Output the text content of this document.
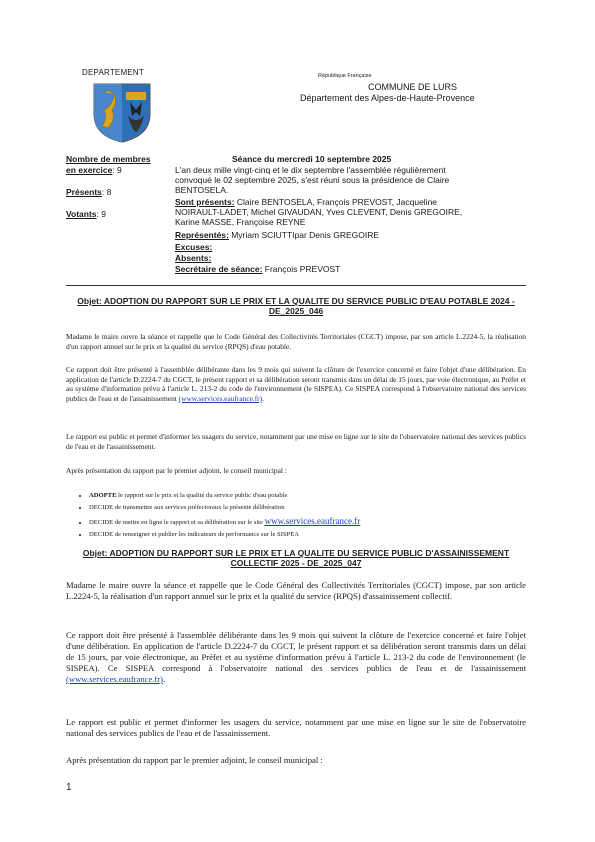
DEPARTEMENT	République Française
COMMUNE DE LURS
Département des Alpes-de-Haute-Provence
Nombre de membres
en exercice: 9
Présents: 8
Votants: 9
Séance du mercredi 10 septembre 2025
L'an deux mille vingt-cinq et le dix septembre l'assemblée régulièrement convoqué le 02 septembre 2025, s'est réuni sous la présidence de Claire BENTOSELA.
Sont présents: Claire BENTOSELA, François PREVOST, Jacqueline NOIRAULT-LADET, Michel GIVAUDAN, Yves CLEVENT, Denis GREGOIRE, Karine MASSE, Françoise REYNE
Représentés: Myriam SCIUTTIpar Denis GREGOIRE
Excuses:
Absents:
Secrétaire de séance: François PREVOST
Objet: ADOPTION DU RAPPORT SUR LE PRIX ET LA QUALITE DU SERVICE PUBLIC D'EAU POTABLE 2024 - DE_2025_046
Madame le maire ouvre la séance et rappelle que le Code Général des Collectivités Territoriales (CGCT) impose, par son article L.2224-5, la réalisation d'un rapport annuel sur le prix et la qualité du service (RPQS) d'eau potable.
Ce rapport doit être présenté à l'assemblée délibérante dans les 9 mois qui suivent la clôture de l'exercice concerné et faire l'objet d'une délibération. En application de l'article D.2224-7 du CGCT, le présent rapport et sa délibération seront transmis dans un délai de 15 jours, par voie électronique, au Préfet et au système d'information prévu à l'article L. 213-2 du code de l'environnement (le SISPEA). Ce SISPEA correspond à l'observatoire national des services publics de l'eau et de l'assainissement (www.services.eaufrance.fr).
Le rapport est public et permet d'informer les usagers du service, notamment par une mise en ligne sur le site de l'observatoire national des services publics de l'eau et de l'assainissement.
Après présentation du rapport par le premier adjoint, le conseil municipal :
• ADOPTE le rapport sur le prix et la qualité du service public d'eau potable
• DECIDE de transmettre aux services préfectoraux la présente délibération
• DECIDE de mettre en ligne le rapport et sa délibération sur le site www.services.eaufrance.fr
• DECIDE de renseigner et publier les indicateurs de performance sur le SISPEA
Objet: ADOPTION DU RAPPORT SUR LE PRIX ET LA QUALITE DU SERVICE PUBLIC D'ASSAINISSEMENT COLLECTIF 2025 - DE_2025_047
Madame le maire ouvre la séance et rappelle que le Code Général des Collectivités Territoriales (CGCT) impose, par son article L.2224-5, la réalisation d'un rapport annuel sur le prix et la qualité du service (RPQS) d'assainissement collectif.
Ce rapport doit être présenté à l'assemblée délibérante dans les 9 mois qui suivent la clôture de l'exercice concerné et faire l'objet d'une délibération. En application de l'article D.2224-7 du CGCT, le présent rapport et sa délibération seront transmis dans un délai de 15 jours, par voie électronique, au Préfet et au système d'information prévu à l'article L. 213-2 du code de l'environnement (le SISPEA). Ce SISPEA correspond à l'observatoire national des services publics de l'eau et de l'assainissement (www.services.eaufrance.fr).
Le rapport est public et permet d'informer les usagers du service, notamment par une mise en ligne sur le site de l'observatoire national des services publics de l'eau et de l'assainissement.
Après présentation du rapport par le premier adjoint, le conseil municipal :
1
